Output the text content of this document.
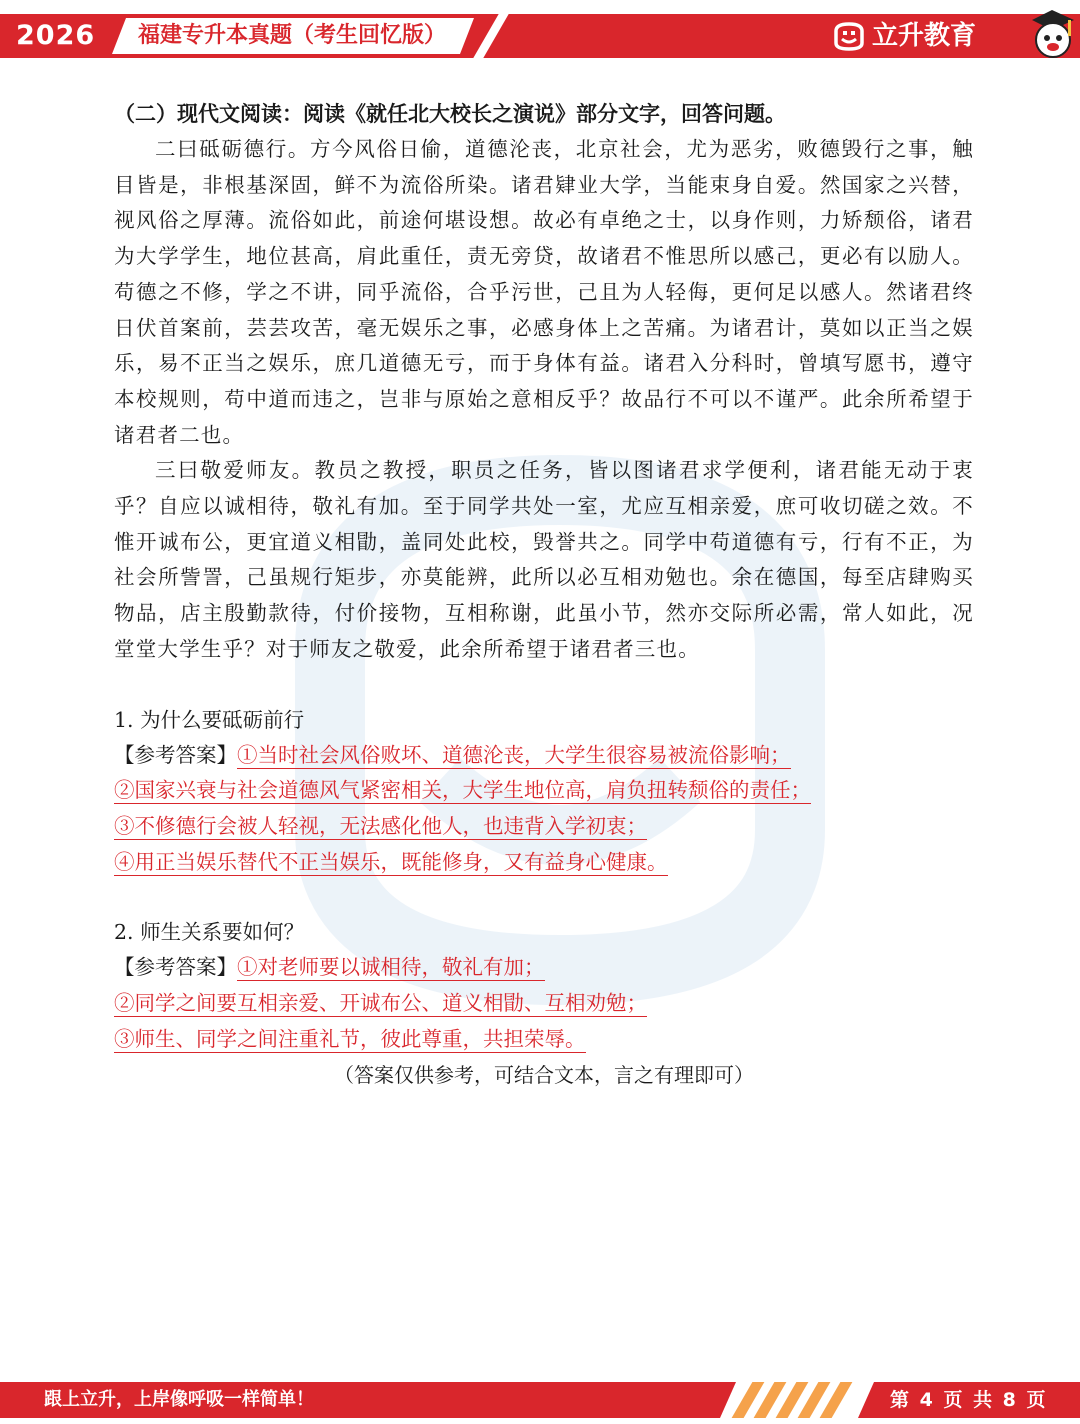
2026 福建专升本真题（考生回忆版）	立升教育

（二）现代文阅读：阅读《就任北大校长之演说》部分文字，回答问题。

二曰砥砺德行。方今风俗日偷，道德沦丧，北京社会，尤为恶劣，败德毁行之事，触目皆是，非根基深固，鲜不为流俗所染。诸君肄业大学，当能束身自爱。然国家之兴替，视风俗之厚薄。流俗如此，前途何堪设想。故必有卓绝之士，以身作则，力矫颓俗，诸君为大学学生，地位甚高，肩此重任，责无旁贷，故诸君不惟思所以感己，更必有以励人。苟德之不修，学之不讲，同乎流俗，合乎污世，己且为人轻侮，更何足以感人。然诸君终日伏首案前，芸芸攻苦，毫无娱乐之事，必感身体上之苦痛。为诸君计，莫如以正当之娱乐，易不正当之娱乐，庶几道德无亏，而于身体有益。诸君入分科时，曾填写愿书，遵守本校规则，苟中道而违之，岂非与原始之意相反乎？故品行不可以不谨严。此余所希望于诸君者二也。

三曰敬爱师友。教员之教授，职员之任务，皆以图诸君求学便利，诸君能无动于衷乎？自应以诚相待，敬礼有加。至于同学共处一室，尤应互相亲爱，庶可收切磋之效。不惟开诚布公，更宜道义相勖，盖同处此校，毁誉共之。同学中苟道德有亏，行有不正，为社会所訾詈，己虽规行矩步，亦莫能辨，此所以必互相劝勉也。余在德国，每至店肆购买物品，店主殷勤款待，付价接物，互相称谢，此虽小节，然亦交际所必需，常人如此，况堂堂大学生乎？对于师友之敬爱，此余所希望于诸君者三也。

1. 为什么要砥砺前行

【参考答案】①当时社会风俗败坏、道德沦丧，大学生很容易被流俗影响；

②国家兴衰与社会道德风气紧密相关，大学生地位高，肩负扭转颓俗的责任；

③不修德行会被人轻视，无法感化他人，也违背入学初衷；

④用正当娱乐替代不正当娱乐，既能修身，又有益身心健康。

2. 师生关系要如何？

【参考答案】①对老师要以诚相待，敬礼有加；

②同学之间要互相亲爱、开诚布公、道义相勖、互相劝勉；

③师生、同学之间注重礼节，彼此尊重，共担荣辱。

（答案仅供参考，可结合文本，言之有理即可）

跟上立升，上岸像呼吸一样简单！	第 4 页 共 8 页
